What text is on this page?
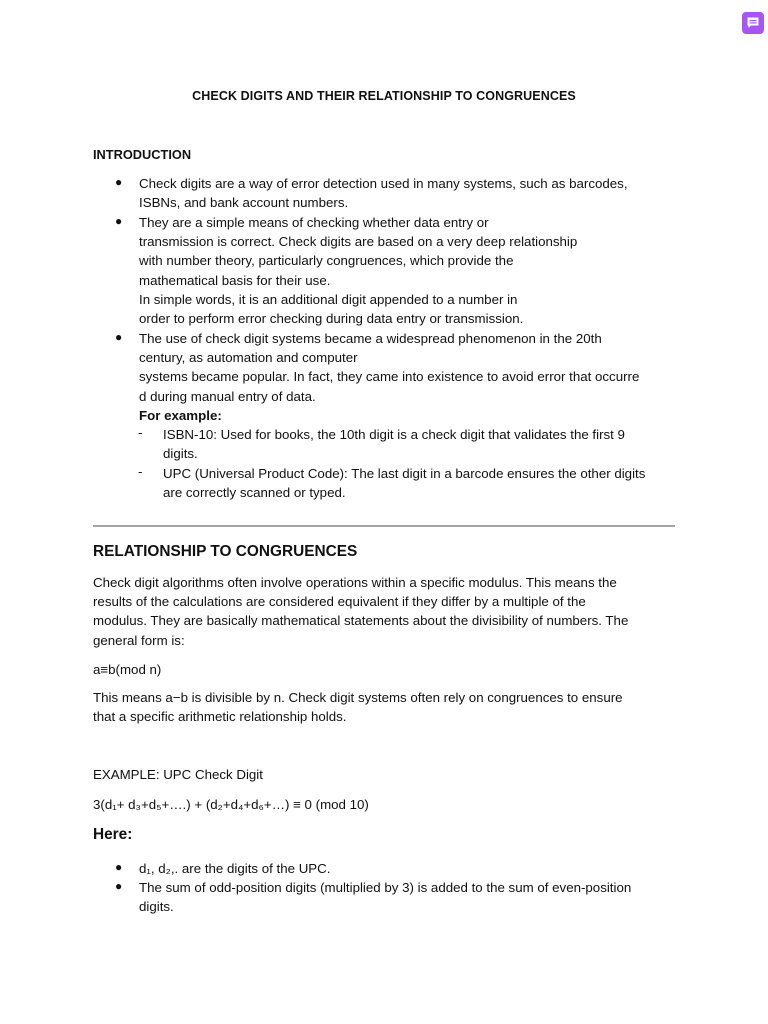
CHECK DIGITS AND THEIR RELATIONSHIP TO CONGRUENCES
INTRODUCTION
●
Check digits are a way of error detection used in many systems, such as barcodes,
ISBNs, and bank account numbers.
●
They are a simple means of checking whether data entry or
transmission is correct. Check digits are based on a very deep relationship
with number theory, particularly congruences, which provide the
mathematical basis for their use.
In simple words, it is an additional digit appended to a number in
order to perform error checking during data entry or transmission.
●
The use of check digit systems became a widespread phenomenon in the 20th
century, as automation and computer
systems became popular. In fact, they came into existence to avoid error that occurre
d during manual entry of data.
For example:
- ISBN-10: Used for books, the 10th digit is a check digit that validates the first 9
digits.
- UPC (Universal Product Code): The last digit in a barcode ensures the other digits
are correctly scanned or typed.
RELATIONSHIP TO CONGRUENCES
Check digit algorithms often involve operations within a specific modulus. This means the
results of the calculations are considered equivalent if they differ by a multiple of the
modulus. They are basically mathematical statements about the divisibility of numbers. The
general form is:
a≡b(mod n)
This means a−b is divisible by n. Check digit systems often rely on congruences to ensure
that a specific arithmetic relationship holds.
EXAMPLE: UPC Check Digit
3(d₁+ d₃+d₅+….) + (d₂+d₄+d₆+…) ≡ 0 (mod 10)
Here:
●
d₁, d₂,. are the digits of the UPC.
●
The sum of odd-position digits (multiplied by 3) is added to the sum of even-position
digits.
